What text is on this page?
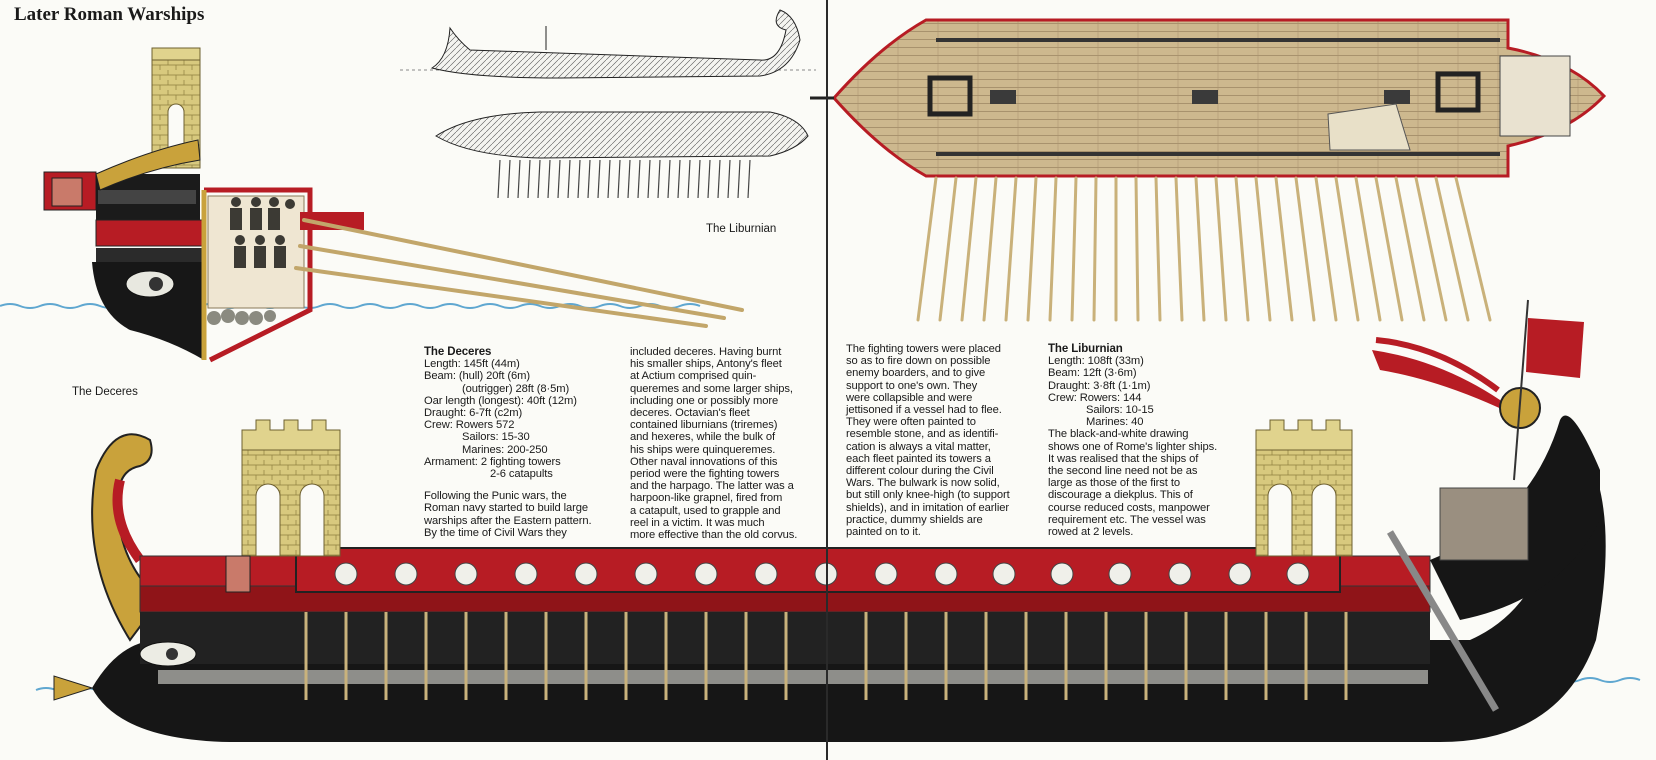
Later Roman Warships
The Deceres
The Liburnian

The Deceres

Length: 145ft (44m)

Beam: (hull) 20ft (6m)

(outrigger) 28ft (8·5m)

Oar length (longest): 40ft (12m)

Draught: 6-7ft (c2m)

Crew: Rowers 572

Sailors: 15-30

Marines: 200-250

Armament: 2 fighting towers

2-6 catapults

Following the Punic wars, the

Roman navy started to build large

warships after the Eastern pattern.

By the time of Civil Wars they

included deceres. Having burnt

his smaller ships, Antony's fleet

at Actium comprised quin-

queremes and some larger ships,

including one or possibly more

deceres. Octavian's fleet

contained liburnians (triremes)

and hexeres, while the bulk of

his ships were quinqueremes.

Other naval innovations of this

period were the fighting towers

and the harpago. The latter was a

harpoon-like grapnel, fired from

a catapult, used to grapple and

reel in a victim. It was much

more effective than the old corvus.

The fighting towers were placed

so as to fire down on possible

enemy boarders, and to give

support to one's own. They

were collapsible and were

jettisoned if a vessel had to flee.

They were often painted to

resemble stone, and as identifi-

cation is always a vital matter,

each fleet painted its towers a

different colour during the Civil

Wars. The bulwark is now solid,

but still only knee-high (to support

shields), and in imitation of earlier

practice, dummy shields are

painted on to it.

The Liburnian

Length: 108ft (33m)

Beam: 12ft (3·6m)

Draught: 3·8ft (1·1m)

Crew: Rowers: 144

Sailors: 10-15

Marines: 40

The black-and-white drawing

shows one of Rome's lighter ships.

It was realised that the ships of

the second line need not be as

large as those of the first to

discourage a diekplus. This of

course reduced costs, manpower

requirement etc. The vessel was

rowed at 2 levels.
